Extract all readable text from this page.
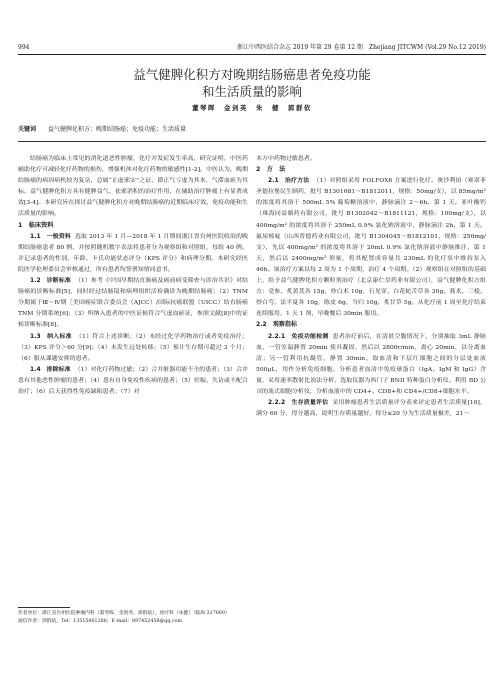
994	浙江中西医结合杂志 2019 年第 29 卷第 12 期　Zhejiang JITCWM (Vol.29 No.12 2019)
益气健脾化积方对晚期结肠癌患者免疫功能
和生活质量的影响
董琴晖　金剑英　朱　健　郭群依
关键词 益气健脾化积方；晚期结肠癌；免疫功能；生活质量

结肠癌为临床上常见的消化道恶性肿瘤，化疗并发症发生率高，研究证明，中医药辅助化疗可减轻化疗药物的损伤，增强机体对化疗药物的敏感性[1-2]。中医认为，晚期结肠癌的病因病机较为复杂，总属“正虚邪实”之证，即正气亏虚为其本，气滞血瘀为其标。益气健脾化积方具有健脾益气、祛邪消积的治疗作用，在辅助治疗肿瘤上有显著成效[3-4]。本研究旨在探讨益气健脾化积方对晚期结肠癌的近期临床疗效、免疫功能和生活质量的影响。

1　临床资料

1.1　一般资料 选取 2013 年 1 月—2018 年 1 月期间浙江省台州医院收治的晚期结肠癌患者 80 例，并按照随机数字表法将患者分为观察组和对照组，每组 40 例。并记录患者的性别、年龄、卡氏功能状态评分（KPS 评分）和病理分期。本研究经医院医学伦理委员会审核通过，所有患者均签署知情同意书。

1.2　诊断标准 （1）参考《中国早期结直肠癌及癌前病变筛查与诊治共识》对结肠癌的诊断标准[5]，同时经过结肠镜和病理组织活检确诊为晚期结肠癌；（2）TNM 分期属于Ⅲ～Ⅳ期［美国癌症联合委员会（AJCC）/国际抗癌联盟（UICC）结直肠癌 TNM 分期系统[6]；（3）所纳入患者的中医证候符合气虚血瘀证，参照文献[8]中的证候诊断标准[8]。

1.3　纳入标准 （1）符合上述诊断；（2）未经过化学药物治疗或者免疫治疗；（3）KPS 评分＞60 分[9]；（4）未发生远处转移；（5）预计生存期可超过 3 个月；（6）服从课题安排的患者。

1.4　排除标准 （1）对化疗药物过敏；（2）合并脏器功能不全的患者；（3）合并患有其他恶性肿瘤的患者；（4）患有自身免疫性疾病的患者；（5）妊娠、失访或不配合治疗；（6）后天获得性免疫缺陷患者；（7）对

本方中药物过敏患者。

2　方　法

2.1　治疗方法 （1）对照组采用 FOLFOX6 方案进行化疗。奥沙利铂（赛诺菲圣德拉堡民生制药，批号 B1301081～B1812011，规格：50mg/支），以 85mg/m² 的浓度将其溶于 500mL 5% 葡萄糖溶液中，静脉滴注 2～6h，第 1 天。亚叶酸钙（珠海同益制药有限公司，批号 B1302042～B1811121，规格：100mg/支），以 400mg/m² 的浓度将其溶于 250mL 0.9% 氯化钠溶液中，静脉滴注 2h，第 1 天。氟尿嘧啶（山西普德药业有限公司，批号 B1304045～B1812101，规格：250mg/支），先以 400mg/m² 的浓度将其溶于 20mL 0.9% 氯化钠溶液中静脉推注，第 1 天，然后以 2400mg/m² 剂量，将其配置成容量共 230mL 的化疗泵中维持泵入 46h。该治疗方案以每 2 周为 1 个周期，治疗 4 个周期。（2）观察组在对照组的基础上，给予益气健脾化积方颗粒剂治疗（北京康仁堂药业有限公司），益气健脾化积方组方：党参、炙黄芪各 15g，炒白术 10g，石见穿、白花蛇舌草各 30g，莪术、三棱、炒白芍、法半夏各 10g，陈皮 6g，当归 10g，炙甘草 5g。从化疗前 1 周至化疗结束连续服用，1 天 1 剂，早晚餐后 30min 服用。

2.2　观察指标

2.2.1　免疫功能检测 患者治疗前后，在清晨空腹情况下，分别抽取 3mL 静脉血，一管室温静置 20min 使其凝固，然后以 2800r/min，离心 20min，以分离血清；另一管利用抗凝管，静置 30min，取血清和下层红细胞之间的分层处血液 500μL，用作分析免疫细胞。分析患者血清中免疫球蛋白（IgA、IgM 和 IgG）含量，采用速率散射比浊法分析，选取仪器为西门子 BNII 特种蛋白分析仪。利用 BD 公司的流式细胞分析仪，分析血液中的 CD4+、CD8+和 CD4+/CD8+细胞水平。

2.2.2　生存质量评估 采用肿瘤患者生活质量评分表来评定患者生活质量[10]，满分 60 分，得分越高，说明生存质量越好。得分≤20 分为生活质量极差，21～

作者单位：浙江省台州医院肿瘤内科（董琴晖、金剑英、郭群依），放疗科（朱健）（临海 317000）

通信作者：郭群依，Tel：13515861286；E-mail：897452458@qq.com
